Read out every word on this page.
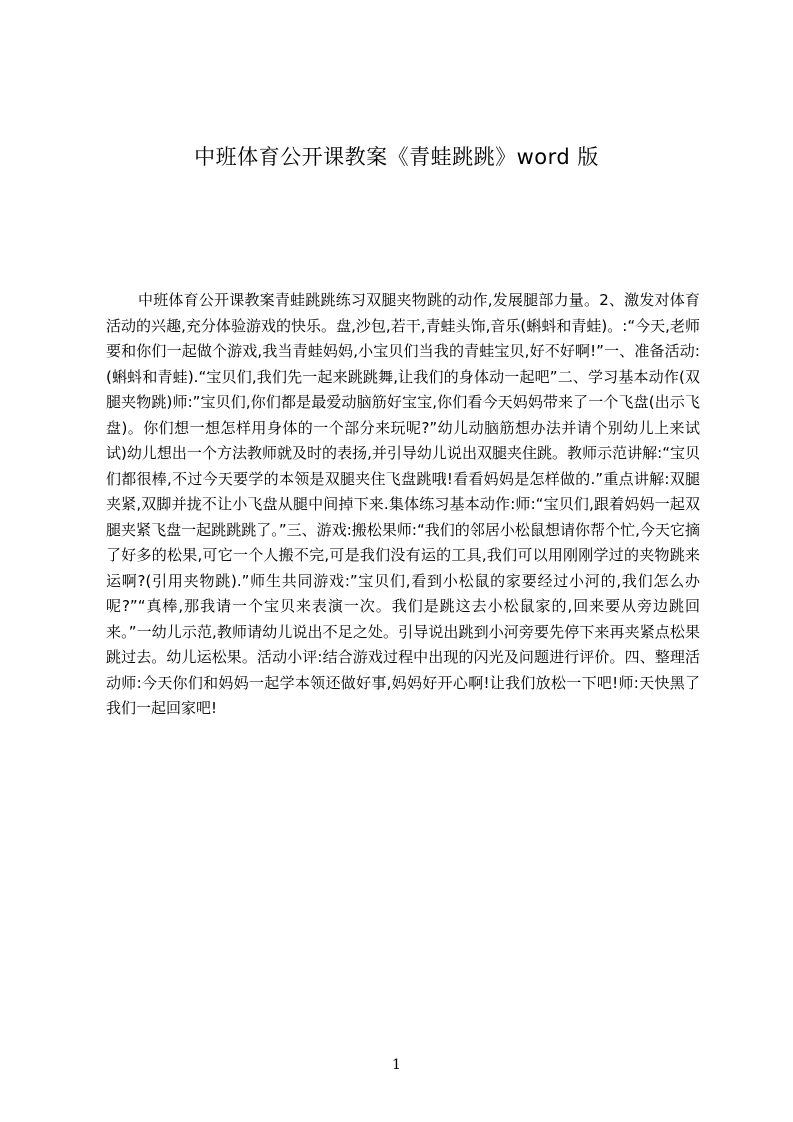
中班体育公开课教案《青蛙跳跳》word 版

中班体育公开课教案青蛙跳跳练习双腿夹物跳的动作,发展腿部力量。2、激发对体育活动的兴趣,充分体验游戏的快乐。盘,沙包,若干,青蛙头饰,音乐(蝌蚪和青蛙)。:“今天,老师要和你们一起做个游戏,我当青蛙妈妈,小宝贝们当我的青蛙宝贝,好不好啊!”一、准备活动:(蝌蚪和青蛙).“宝贝们,我们先一起来跳跳舞,让我们的身体动一起吧”二、学习基本动作(双腿夹物跳)师:”宝贝们,你们都是最爱动脑筋好宝宝,你们看今天妈妈带来了一个飞盘(出示飞盘)。你们想一想怎样用身体的一个部分来玩呢?”幼儿动脑筋想办法并请个别幼儿上来试试)幼儿想出一个方法教师就及时的表扬,并引导幼儿说出双腿夹住跳。教师示范讲解:“宝贝们都很棒,不过今天要学的本领是双腿夹住飞盘跳哦!看看妈妈是怎样做的.”重点讲解:双腿夹紧,双脚并拢不让小飞盘从腿中间掉下来.集体练习基本动作:师:“宝贝们,跟着妈妈一起双腿夹紧飞盘一起跳跳跳了。”三、游戏:搬松果师:“我们的邻居小松鼠想请你帮个忙,今天它摘了好多的松果,可它一个人搬不完,可是我们没有运的工具,我们可以用刚刚学过的夹物跳来运啊?(引用夹物跳).”师生共同游戏:”宝贝们,看到小松鼠的家要经过小河的,我们怎么办呢?”“真棒,那我请一个宝贝来表演一次。我们是跳这去小松鼠家的,回来要从旁边跳回来。”一幼儿示范,教师请幼儿说出不足之处。引导说出跳到小河旁要先停下来再夹紧点松果跳过去。幼儿运松果。活动小评:结合游戏过程中出现的闪光及问题进行评价。四、整理活动师:今天你们和妈妈一起学本领还做好事,妈妈好开心啊!让我们放松一下吧!师:天快黑了我们一起回家吧!

1
